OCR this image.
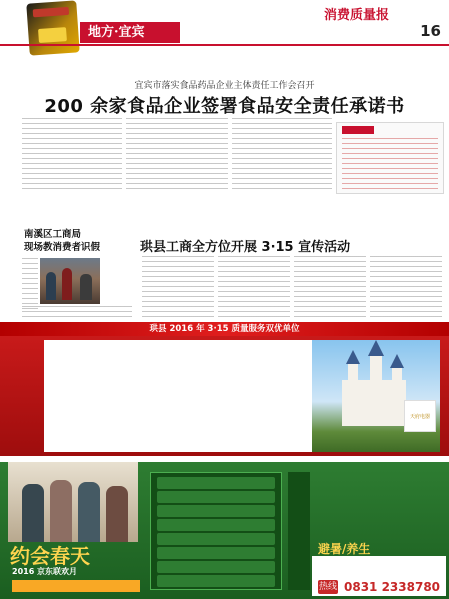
地方·宜宾
消费质量报
16
宜宾市落实食品药品企业主体责任工作会召开
200 余家食品企业签署食品安全责任承诺书
南溪区工商局
现场教消费者识假	珙县工商全方位开展 3·15 宣传活动
珙县 2016 年 3·15 质量服务双优单位
天府电器
约会春天
2016 京东联欢月
避暑/养生
热线 0831 2338780
